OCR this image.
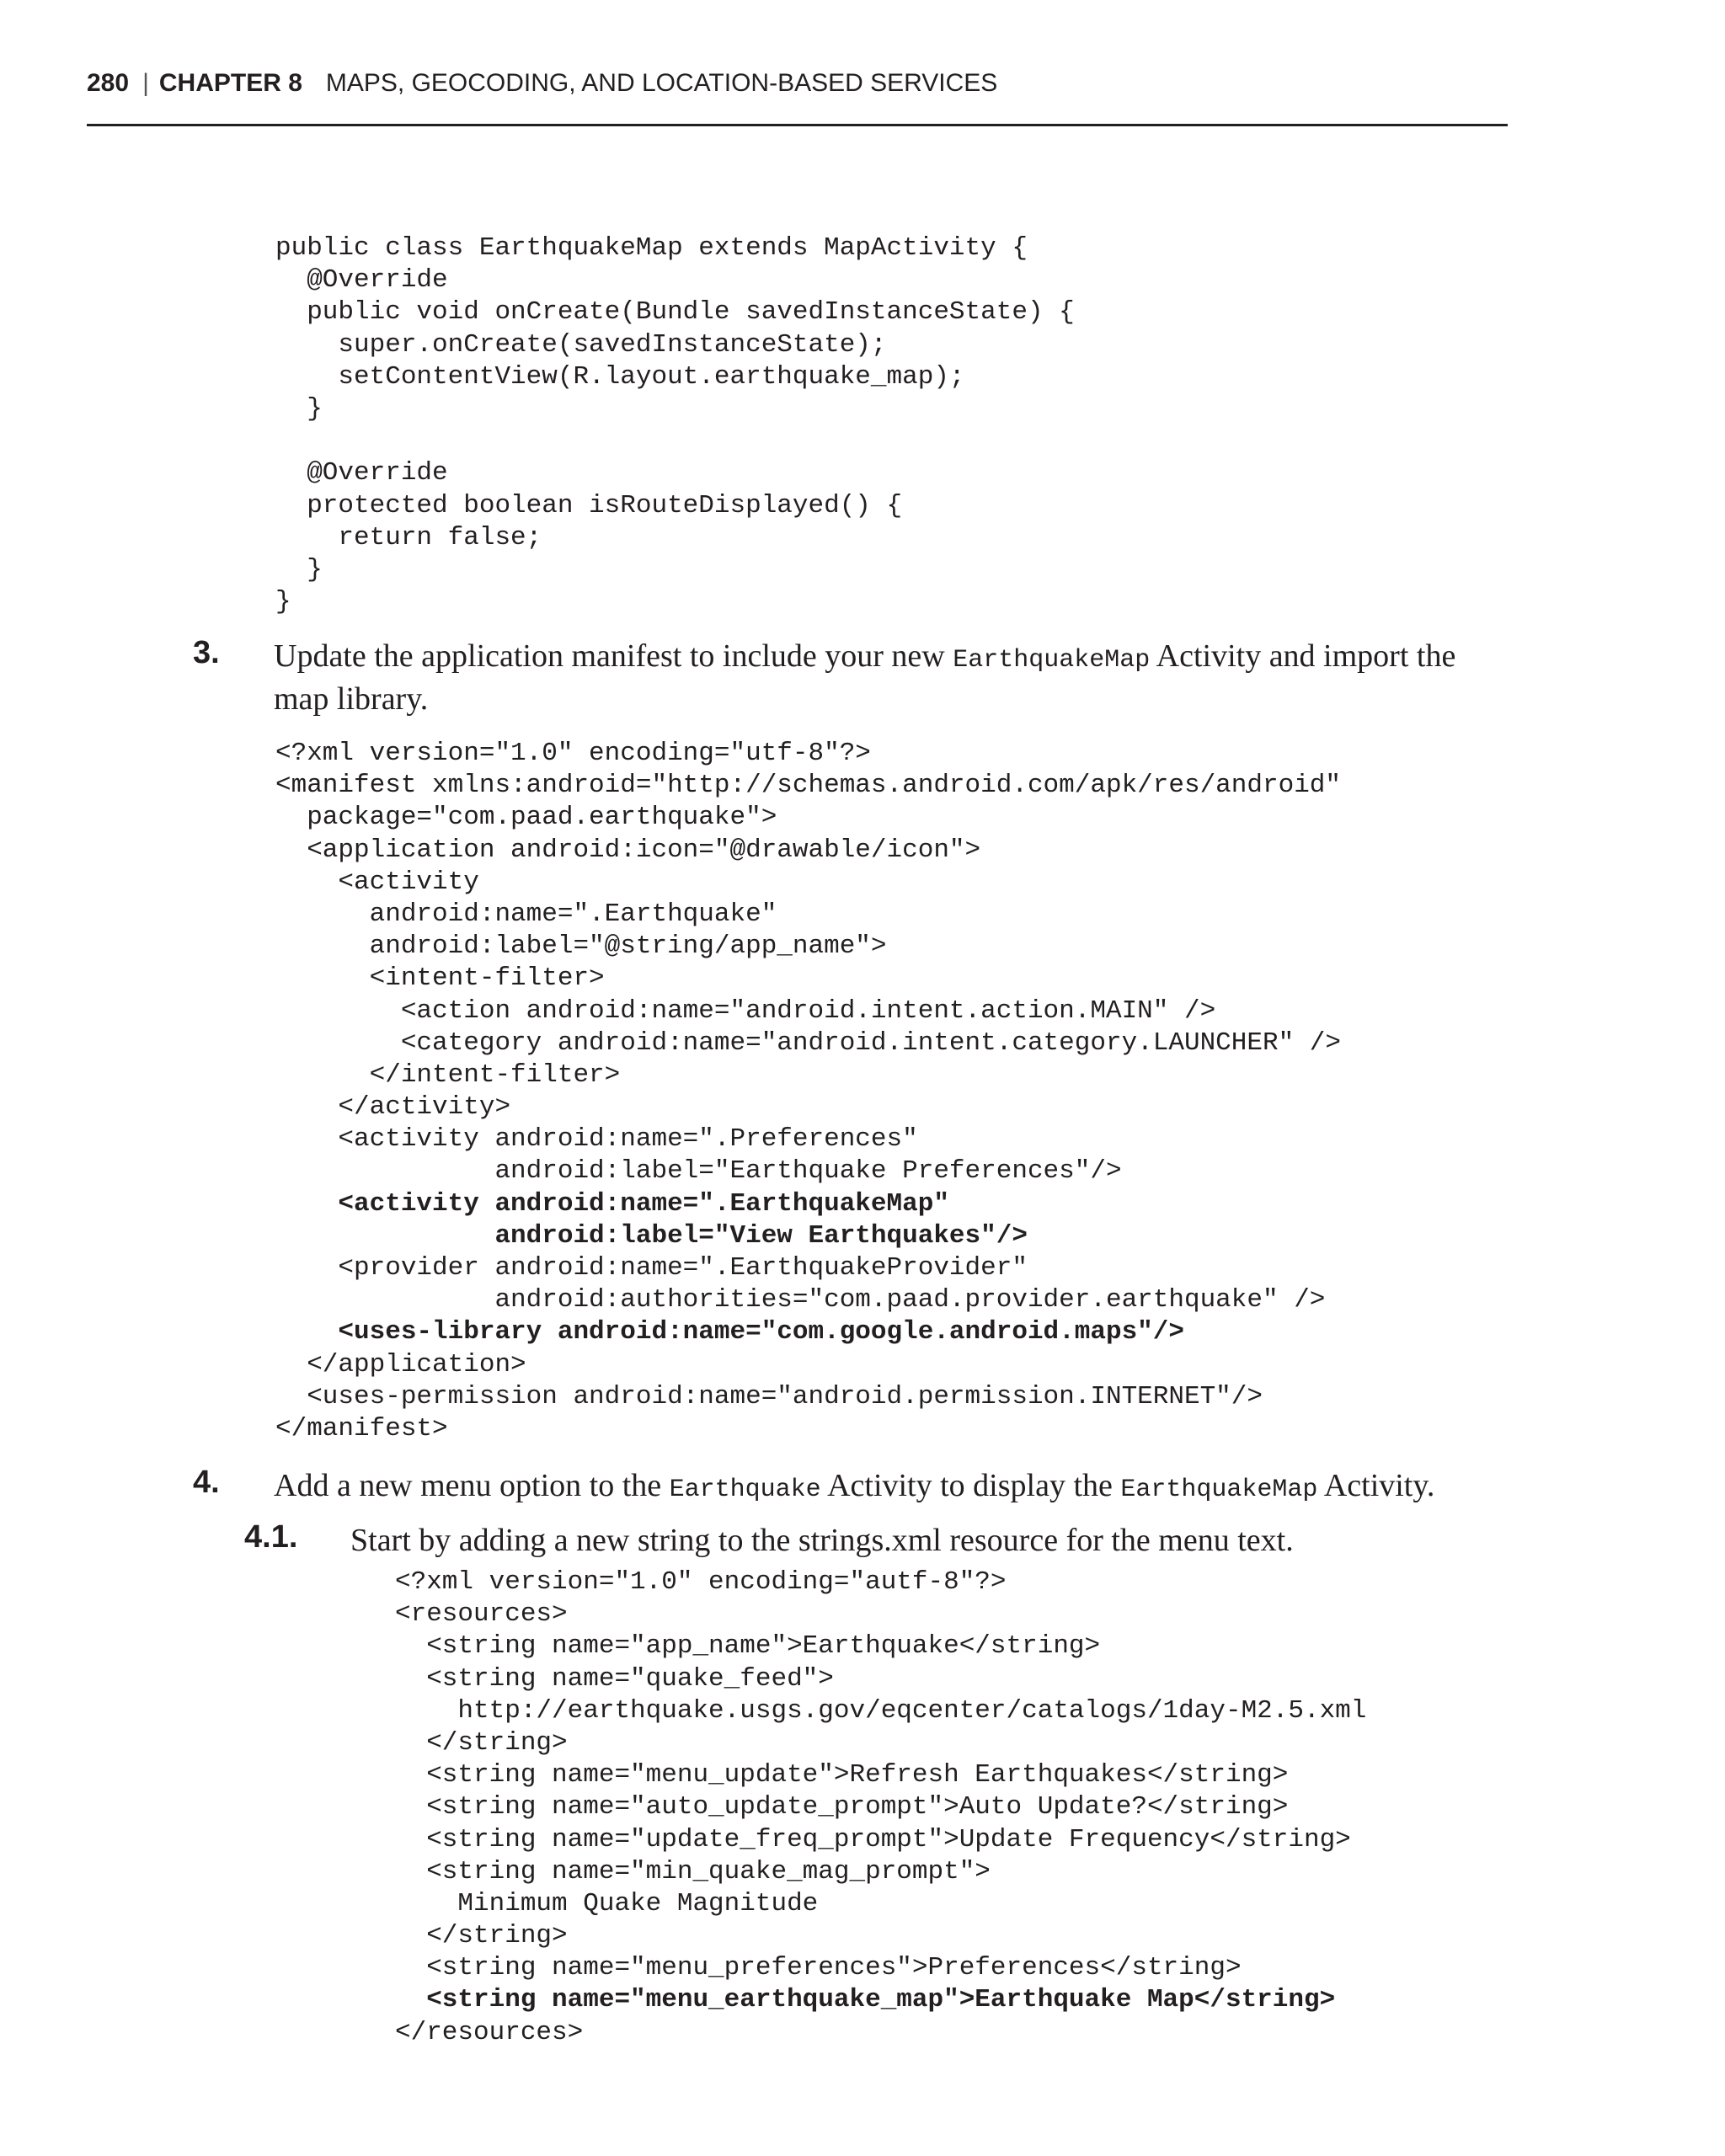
280 | CHAPTER 8 MAPS, GEOCODING, AND LOCATION-BASED SERVICES
public class EarthquakeMap extends MapActivity {
@Override
public void onCreate(Bundle savedInstanceState) {
super.onCreate(savedInstanceState);
setContentView(R.layout.earthquake_map);
}

@Override
protected boolean isRouteDisplayed() {
return false;
}
}
3. Update the application manifest to include your new EarthquakeMap Activity and import the
map library.
<?xml version="1.0" encoding="utf-8"?>
<manifest xmlns:android="http://schemas.android.com/apk/res/android"
package="com.paad.earthquake">
<application android:icon="@drawable/icon">
<activity
android:name=".Earthquake"
android:label="@string/app_name">
<intent-filter>
<action android:name="android.intent.action.MAIN" />
<category android:name="android.intent.category.LAUNCHER" />
</intent-filter>
</activity>
<activity android:name=".Preferences"
android:label="Earthquake Preferences"/>
<activity android:name=".EarthquakeMap"
android:label="View Earthquakes"/>
<provider android:name=".EarthquakeProvider"
android:authorities="com.paad.provider.earthquake" />
<uses-library android:name="com.google.android.maps"/>
</application>
<uses-permission android:name="android.permission.INTERNET"/>
</manifest>
4. Add a new menu option to the Earthquake Activity to display the EarthquakeMap Activity.
4.1. Start by adding a new string to the strings.xml resource for the menu text.
<?xml version="1.0" encoding="autf-8"?>
<resources>
<string name="app_name">Earthquake</string>
<string name="quake_feed">
http://earthquake.usgs.gov/eqcenter/catalogs/1day-M2.5.xml
</string>
<string name="menu_update">Refresh Earthquakes</string>
<string name="auto_update_prompt">Auto Update?</string>
<string name="update_freq_prompt">Update Frequency</string>
<string name="min_quake_mag_prompt">
Minimum Quake Magnitude
</string>
<string name="menu_preferences">Preferences</string>
<string name="menu_earthquake_map">Earthquake Map</string>
</resources>
